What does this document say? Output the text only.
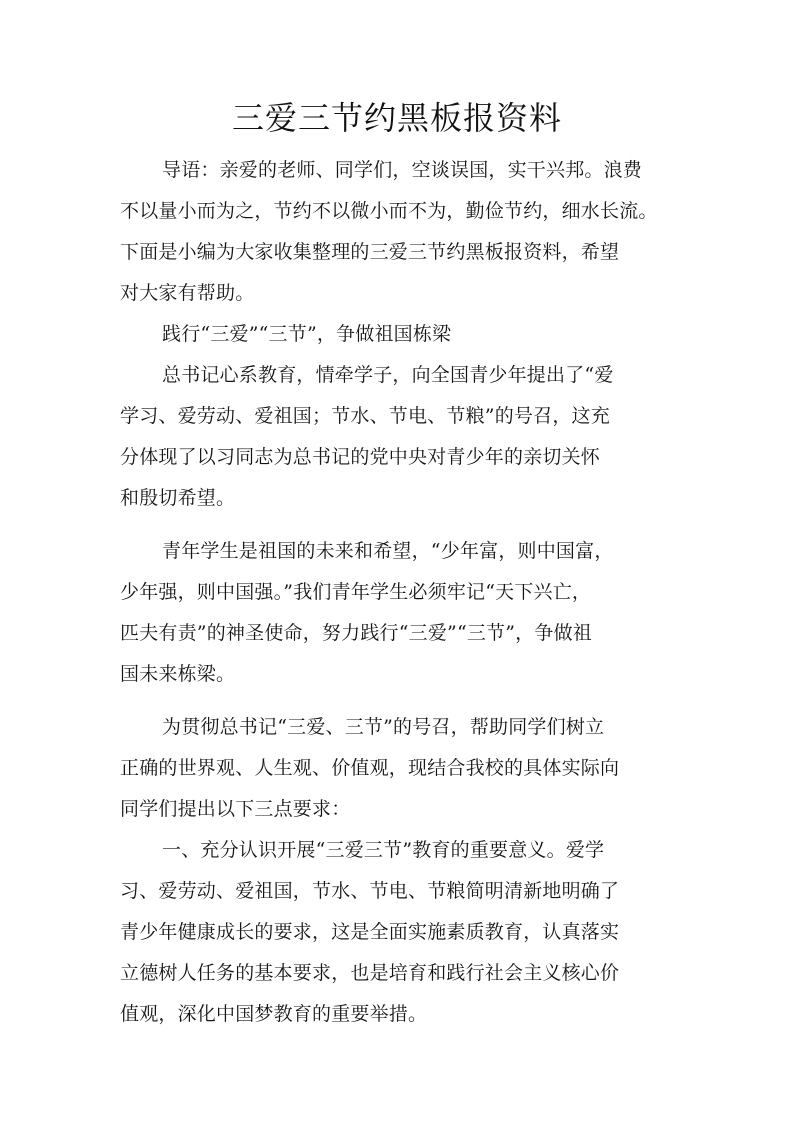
三爱三节约黑板报资料

导语：亲爱的老师、同学们，空谈误国，实干兴邦。浪费
不以量小而为之，节约不以微小而不为，勤俭节约，细水长流。
下面是小编为大家收集整理的三爱三节约黑板报资料，希望
对大家有帮助。

践行“三爱”“三节”，争做祖国栋梁

总书记心系教育，情牵学子，向全国青少年提出了“爱
学习、爱劳动、爱祖国；节水、节电、节粮”的号召，这充
分体现了以习同志为总书记的党中央对青少年的亲切关怀
和殷切希望。

青年学生是祖国的未来和希望，“少年富，则中国富，
少年强，则中国强。”我们青年学生必须牢记“天下兴亡，
匹夫有责”的神圣使命，努力践行“三爱”“三节”，争做祖
国未来栋梁。

为贯彻总书记“三爱、三节”的号召，帮助同学们树立
正确的世界观、人生观、价值观，现结合我校的具体实际向
同学们提出以下三点要求：

一、充分认识开展“三爱三节”教育的重要意义。爱学
习、爱劳动、爱祖国，节水、节电、节粮简明清新地明确了
青少年健康成长的要求，这是全面实施素质教育，认真落实
立德树人任务的基本要求，也是培育和践行社会主义核心价
值观，深化中国梦教育的重要举措。
